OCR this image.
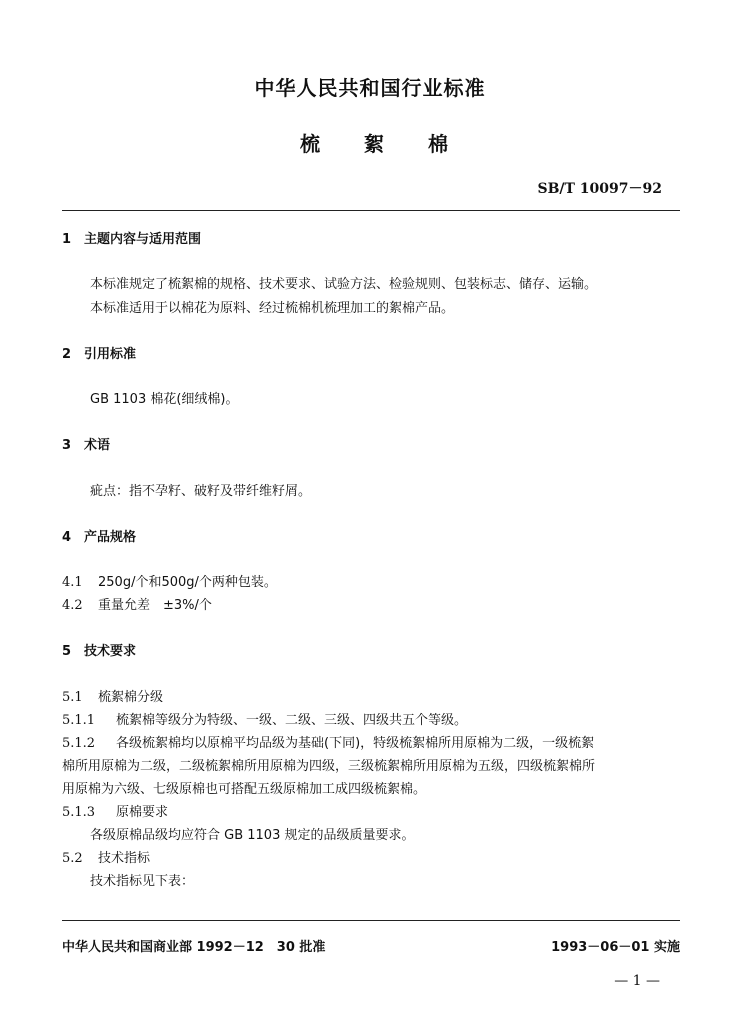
中华人民共和国行业标准
梳 絮 棉
SB/T 10097－92
1 主题内容与适用范围
本标准规定了梳絮棉的规格、技术要求、试验方法、检验规则、包装标志、储存、运输。
本标准适用于以棉花为原料、经过梳棉机梳理加工的絮棉产品。
2 引用标准
GB 1103 棉花(细绒棉)。
3 术语
疵点：指不孕籽、破籽及带纤维籽屑。
4 产品规格
4.1 250g/个和500g/个两种包装。
4.2 重量允差　±3%/个
5 技术要求
5.1 梳絮棉分级
5.1.1 梳絮棉等级分为特级、一级、二级、三级、四级共五个等级。
5.1.2 各级梳絮棉均以原棉平均品级为基础(下同)，特级梳絮棉所用原棉为二级，一级梳絮
棉所用原棉为二级，二级梳絮棉所用原棉为四级，三级梳絮棉所用原棉为五级，四级梳絮棉所
用原棉为六级、七级原棉也可搭配五级原棉加工成四级梳絮棉。
5.1.3 原棉要求
各级原棉品级均应符合 GB 1103 规定的品级质量要求。
5.2 技术指标
技术指标见下表：
中华人民共和国商业部 1992－12　30 批准	1993－06－01 实施
— 1 —
